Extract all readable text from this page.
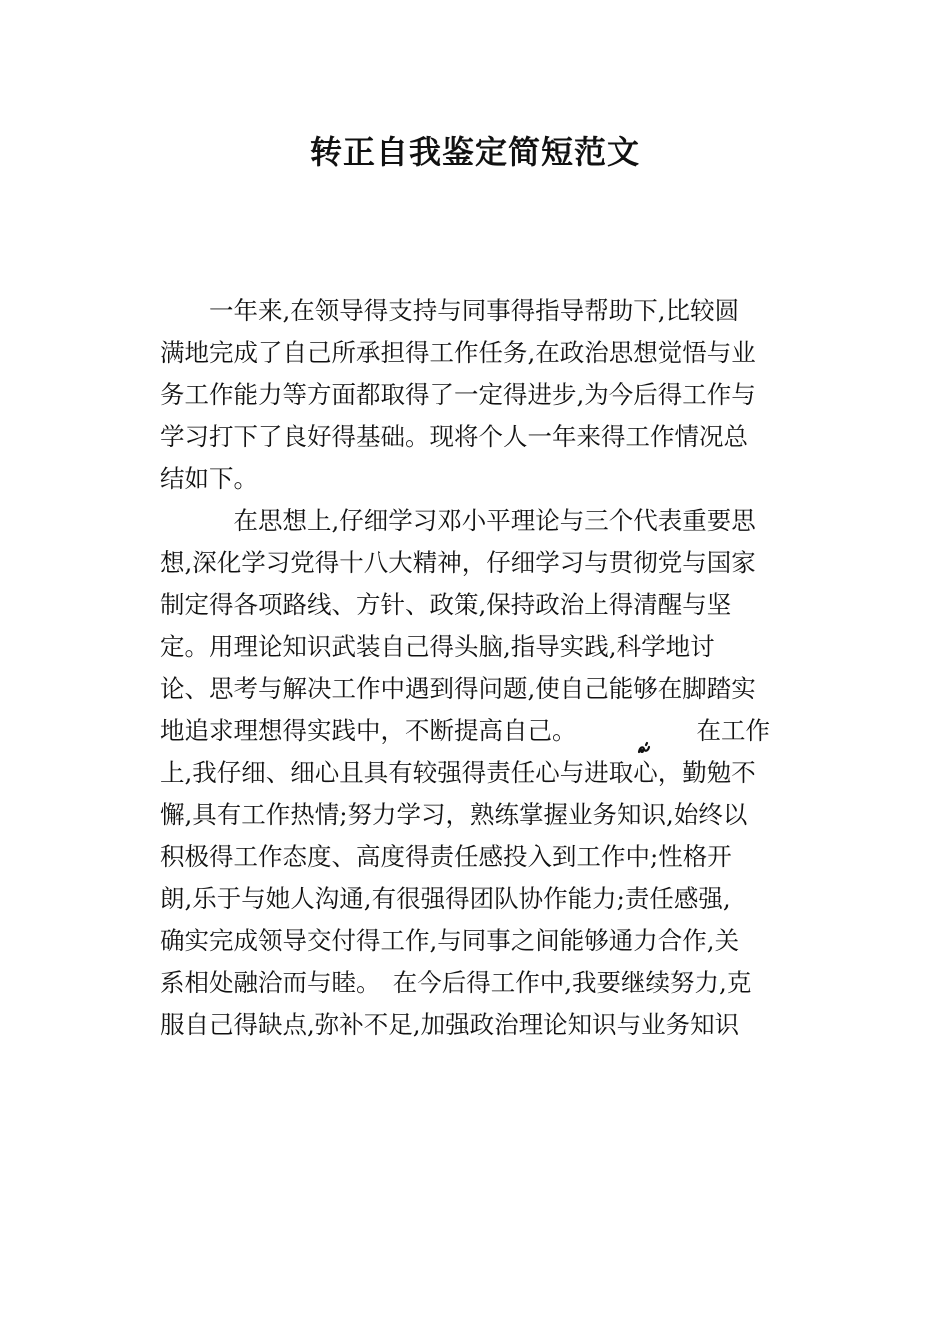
转正自我鉴定简短范文
　　一年来,在领导得支持与同事得指导帮助下,比较圆
满地完成了自己所承担得工作任务,在政治思想觉悟与业
务工作能力等方面都取得了一定得进步,为今后得工作与
学习打下了良好得基础。现将个人一年来得工作情况总
结如下。
　　　在思想上,仔细学习邓小平理论与三个代表重要思
想,深化学习党得十八大精神，仔细学习与贯彻党与国家
制定得各项路线、方针、政策,保持政治上得清醒与坚
定。用理论知识武装自己得头脑,指导实践,科学地讨
论、思考与解决工作中遇到得问题,使自己能够在脚踏实
地追求理想得实践中，不断提高自己。	在工作
上,我仔细、细心且具有较强得责任心与进取心，勤勉不
懈,具有工作热情;努力学习，熟练掌握业务知识,始终以
积极得工作态度、高度得责任感投入到工作中;性格开
朗,乐于与她人沟通,有很强得团队协作能力;责任感强,
确实完成领导交付得工作,与同事之间能够通力合作,关
系相处融洽而与睦。　在今后得工作中,我要继续努力,克
服自己得缺点,弥补不足,加强政治理论知识与业务知识
